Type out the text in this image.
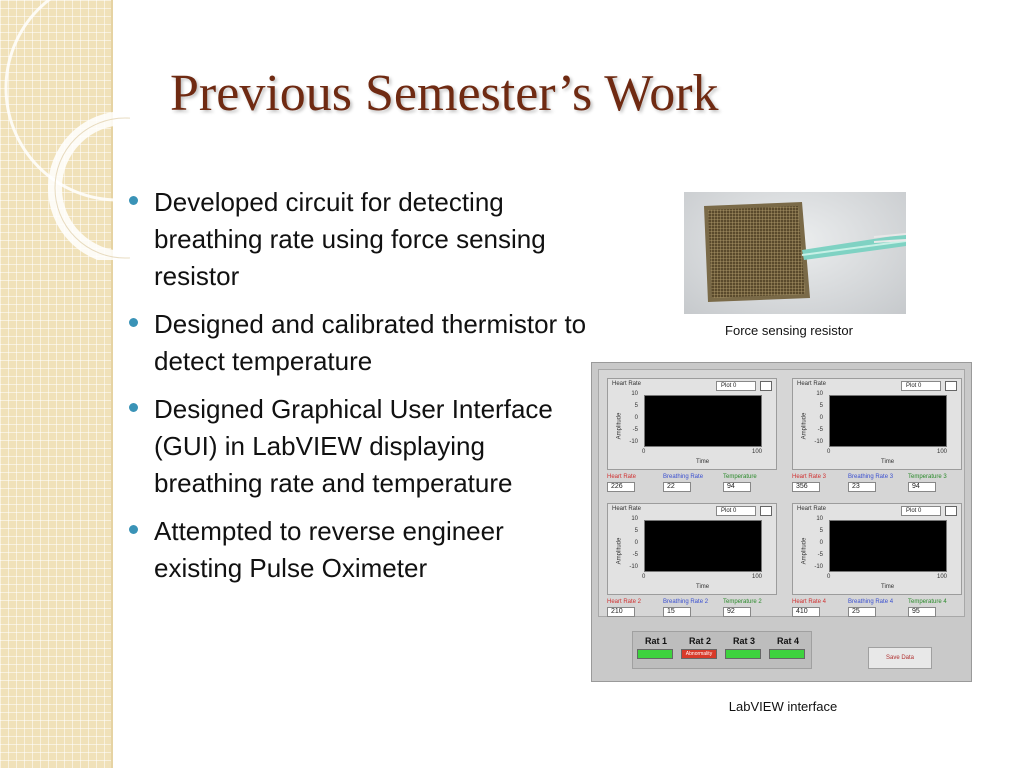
Previous Semester’s Work
Developed circuit for detecting breathing rate using force sensing resistor
Designed and calibrated thermistor to detect temperature
Designed Graphical User Interface (GUI) in LabVIEW displaying breathing rate and temperature
Attempted to reverse engineer existing Pulse Oximeter
Force sensing resistor
Heart Rate	Plot 0
Amplitude
10
5
0
-5
-10
0	100
Time
Heart Rate
226
Breathing Rate
22
Temperature
94
Heart Rate	Plot 0
Amplitude
10
5
0
-5
-10
0	100
Time
Heart Rate 3
356
Breathing Rate 3
23
Temperature 3
94
Heart Rate	Plot 0
Amplitude
10
5
0
-5
-10
0	100
Time
Heart Rate 2
210
Breathing Rate 2
15
Temperature 2
92
Heart Rate	Plot 0
Amplitude
10
5
0
-5
-10
0	100
Time
Heart Rate 4
410
Breathing Rate 4
25
Temperature 4
95
Rat 1	Rat 2
Abnormality
Rat 3	Rat 4
Save Data
LabVIEW interface
